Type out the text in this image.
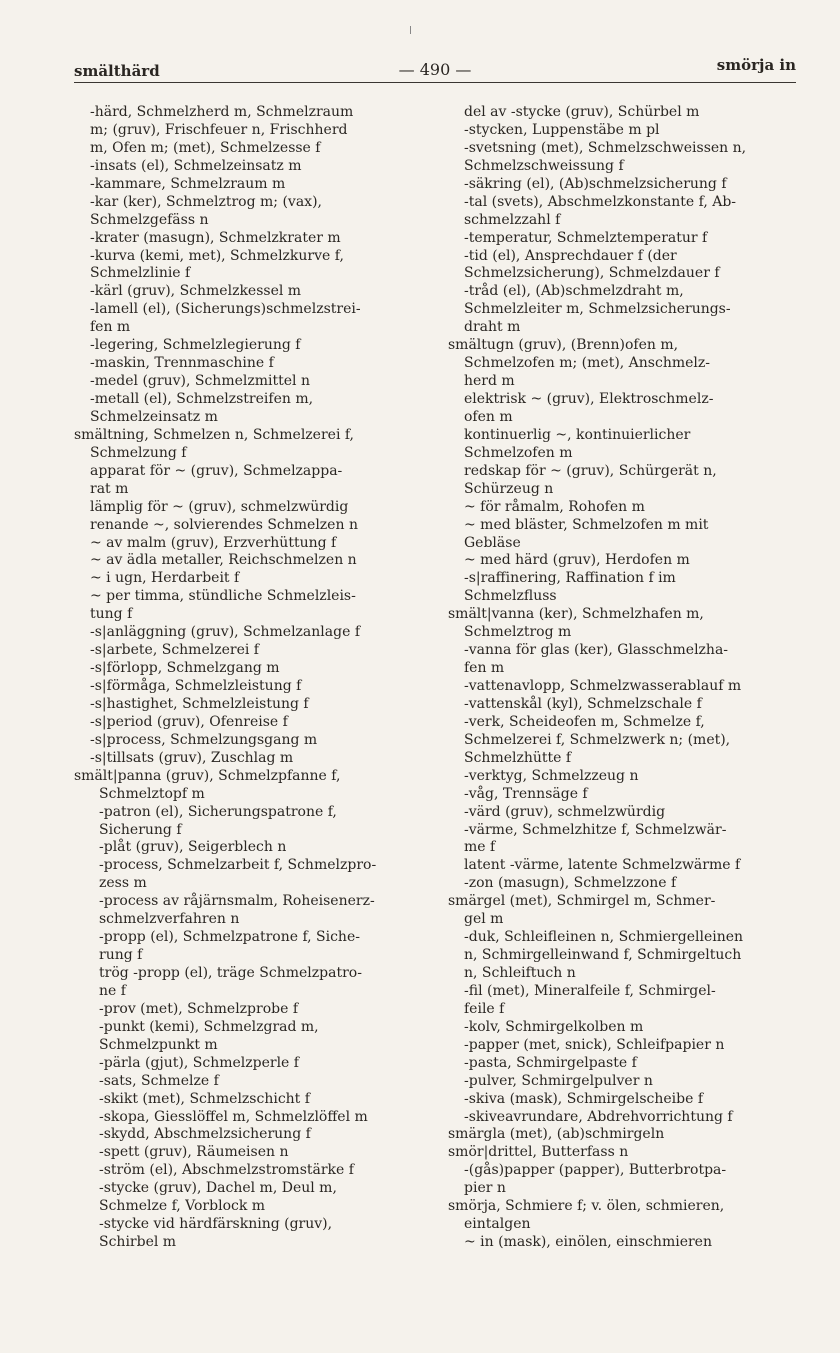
smälthärd	— 490 —	smörja in
-härd, Schmelzherd m, Schmelzraum
m; (gruv), Frischfeuer n, Frischherd
m, Ofen m; (met), Schmelzesse f
-insats (el), Schmelzeinsatz m
-kammare, Schmelzraum m
-kar (ker), Schmelztrog m; (vax),
Schmelzgefäss n
-krater (masugn), Schmelzkrater m
-kurva (kemi, met), Schmelzkurve f,
Schmelzlinie f
-kärl (gruv), Schmelzkessel m
-lamell (el), (Sicherungs)schmelzstrei-
fen m
-legering, Schmelzlegierung f
-maskin, Trennmaschine f
-medel (gruv), Schmelzmittel n
-metall (el), Schmelzstreifen m,
Schmelzeinsatz m
smältning, Schmelzen n, Schmelzerei f,
Schmelzung f
apparat för ~ (gruv), Schmelzappa-
rat m
lämplig för ~ (gruv), schmelzwürdig
renande ~, solvierendes Schmelzen n
~ av malm (gruv), Erzverhüttung f
~ av ädla metaller, Reichschmelzen n
~ i ugn, Herdarbeit f
~ per timma, stündliche Schmelzleis-
tung f
-s|anläggning (gruv), Schmelzanlage f
-s|arbete, Schmelzerei f
-s|förlopp, Schmelzgang m
-s|förmåga, Schmelzleistung f
-s|hastighet, Schmelzleistung f
-s|period (gruv), Ofenreise f
-s|process, Schmelzungsgang m
-s|tillsats (gruv), Zuschlag m
smält|panna (gruv), Schmelzpfanne f,
Schmelztopf m
-patron (el), Sicherungspatrone f,
Sicherung f
-plåt (gruv), Seigerblech n
-process, Schmelzarbeit f, Schmelzpro-
zess m
-process av råjärnsmalm, Roheisenerz-
schmelzverfahren n
-propp (el), Schmelzpatrone f, Siche-
rung f
trög -propp (el), träge Schmelzpatro-
ne f
-prov (met), Schmelzprobe f
-punkt (kemi), Schmelzgrad m,
Schmelzpunkt m
-pärla (gjut), Schmelzperle f
-sats, Schmelze f
-skikt (met), Schmelzschicht f
-skopa, Giesslöffel m, Schmelzlöffel m
-skydd, Abschmelzsicherung f
-spett (gruv), Räumeisen n
-ström (el), Abschmelzstromstärke f
-stycke (gruv), Dachel m, Deul m,
Schmelze f, Vorblock m
-stycke vid härdfärskning (gruv),
Schirbel m
del av -stycke (gruv), Schürbel m
-stycken, Luppenstäbe m pl
-svetsning (met), Schmelzschweissen n,
Schmelzschweissung f
-säkring (el), (Ab)schmelzsicherung f
-tal (svets), Abschmelzkonstante f, Ab-
schmelzzahl f
-temperatur, Schmelztemperatur f
-tid (el), Ansprechdauer f (der
Schmelzsicherung), Schmelzdauer f
-tråd (el), (Ab)schmelzdraht m,
Schmelzleiter m, Schmelzsicherungs-
draht m
smältugn (gruv), (Brenn)ofen m,
Schmelzofen m; (met), Anschmelz-
herd m
elektrisk ~ (gruv), Elektroschmelz-
ofen m
kontinuerlig ~, kontinuierlicher
Schmelzofen m
redskap för ~ (gruv), Schürgerät n,
Schürzeug n
~ för råmalm, Rohofen m
~ med bläster, Schmelzofen m mit
Gebläse
~ med härd (gruv), Herdofen m
-s|raffinering, Raffination f im
Schmelzfluss
smält|vanna (ker), Schmelzhafen m,
Schmelztrog m
-vanna för glas (ker), Glasschmelzha-
fen m
-vattenavlopp, Schmelzwasserablauf m
-vattenskål (kyl), Schmelzschale f
-verk, Scheideofen m, Schmelze f,
Schmelzerei f, Schmelzwerk n; (met),
Schmelzhütte f
-verktyg, Schmelzzeug n
-våg, Trennsäge f
-värd (gruv), schmelzwürdig
-värme, Schmelzhitze f, Schmelzwär-
me f
latent -värme, latente Schmelzwärme f
-zon (masugn), Schmelzzone f
smärgel (met), Schmirgel m, Schmer-
gel m
-duk, Schleifleinen n, Schmiergelleinen
n, Schmirgelleinwand f, Schmirgeltuch
n, Schleiftuch n
-fil (met), Mineralfeile f, Schmirgel-
feile f
-kolv, Schmirgelkolben m
-papper (met, snick), Schleifpapier n
-pasta, Schmirgelpaste f
-pulver, Schmirgelpulver n
-skiva (mask), Schmirgelscheibe f
-skiveavrundare, Abdrehvorrichtung f
smärgla (met), (ab)schmirgeln
smör|drittel, Butterfass n
-(gås)papper (papper), Butterbrotpa-
pier n
smörja, Schmiere f; v. ölen, schmieren,
eintalgen
~ in (mask), einölen, einschmieren
